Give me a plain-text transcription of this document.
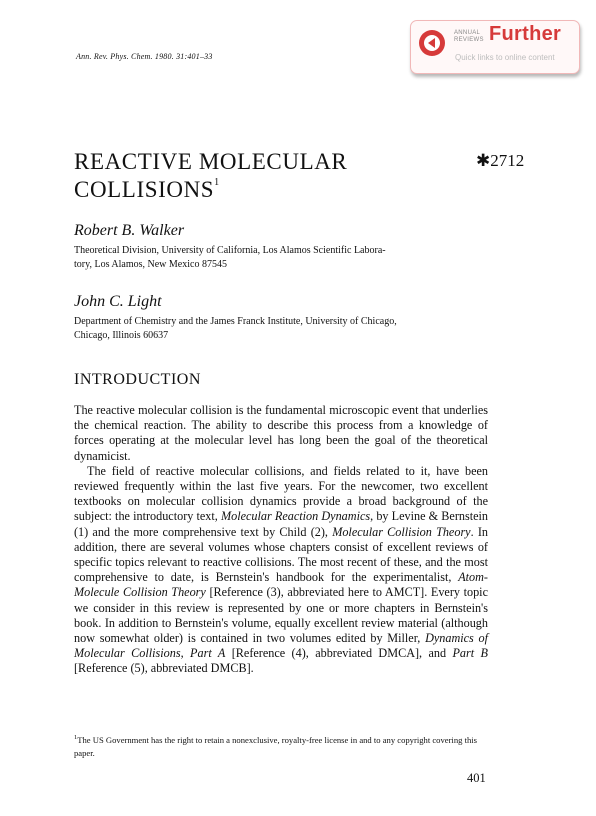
Ann. Rev. Phys. Chem. 1980. 31:401–33
ANNUAL
REVIEWS Further
Quick links to online content
REACTIVE MOLECULAR
COLLISIONS$^1$
✱2712
Robert B. Walker
Theoretical Division, University of California, Los Alamos Scientific Labora-
tory, Los Alamos, New Mexico 87545
John C. Light
Department of Chemistry and the James Franck Institute, University of Chicago,
Chicago, Illinois 60637
INTRODUCTION

The reactive molecular collision is the fundamental microscopic event that underlies the chemical reaction. The ability to describe this process from a knowledge of forces operating at the molecular level has long been the goal of the theoretical dynamicist.

The field of reactive molecular collisions, and fields related to it, have been reviewed frequently within the last five years. For the newcomer, two excellent textbooks on molecular collision dynamics provide a broad background of the subject: the introductory text, Molecular Reaction Dynamics, by Levine & Bernstein (1) and the more comprehensive text by Child (2), Molecular Collision Theory. In addition, there are several volumes whose chapters consist of excellent reviews of specific topics relevant to reactive collisions. The most recent of these, and the most comprehensive to date, is Bernstein's handbook for the experimentalist, Atom-Molecule Collision Theory [Reference (3), abbreviated here to AMCT]. Every topic we consider in this review is represented by one or more chapters in Bernstein's book. In addition to Bernstein's volume, equally excellent review material (although now somewhat older) is contained in two volumes edited by Miller, Dynamics of Molecular Collisions, Part A [Reference (4), abbreviated DMCA], and Part B [Reference (5), abbreviated DMCB].

$^1$The US Government has the right to retain a nonexclusive, royalty-free license in and to any copyright covering this paper.
401
